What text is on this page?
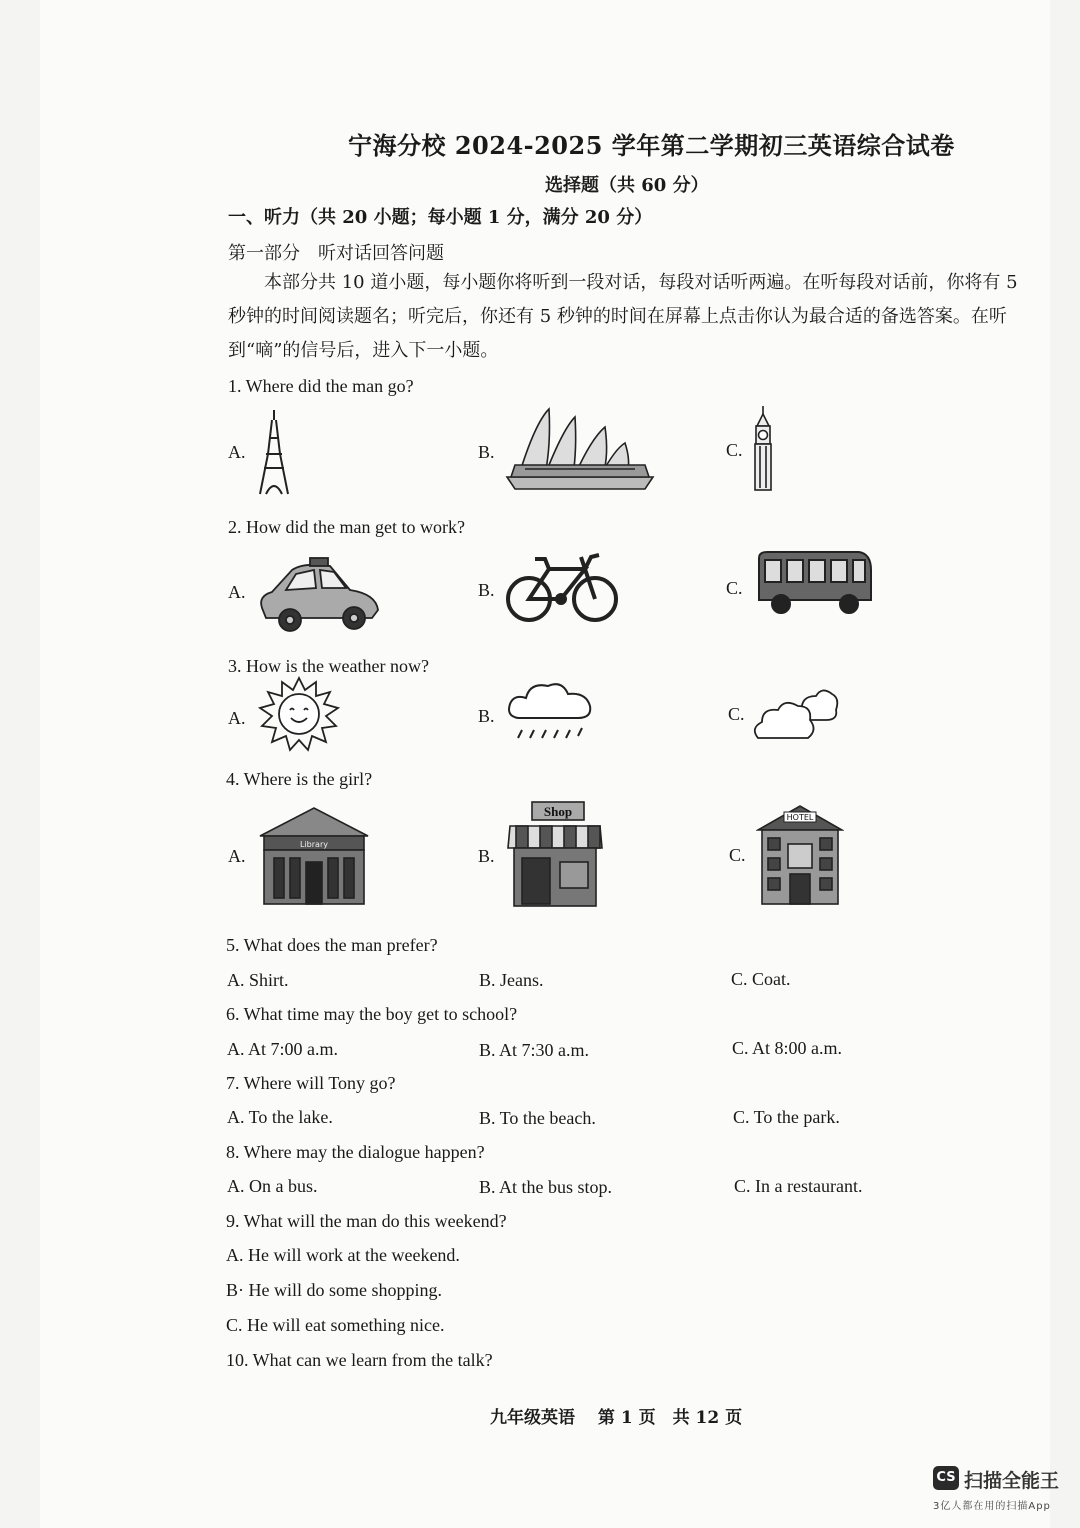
宁海分校 2024-2025 学年第二学期初三英语综合试卷
选择题（共 60 分）
一、听力（共 20 小题；每小题 1 分，满分 20 分）
第一部分　听对话回答问题
本部分共 10 道小题，每小题你将听到一段对话，每段对话听两遍。在听每段对话前，你将有 5 秒钟的时间阅读题名；听完后，你还有 5 秒钟的时间在屏幕上点击你认为最合适的备选答案。在听到“嘀”的信号后，进入下一小题。
1. Where did the man go?
A.	B.	C.
2. How did the man get to work?
A.	B.	C.
3. How is the weather now?
A.	B.	C.
4. Where is the girl?
A.	B.	C.
Library
Shop	HOTEL
5. What does the man prefer?
A. Shirt.	B. Jeans.	C. Coat.
6. What time may the boy get to school?
A. At 7:00 a.m.	B. At 7:30 a.m.	C. At 8:00 a.m.
7. Where will Tony go?
A. To the lake.	B. To the beach.	C. To the park.
8. Where may the dialogue happen?
A. On a bus.	B. At the bus stop.	C. In a restaurant.
9. What will the man do this weekend?
A. He will work at the weekend.
B· He will do some shopping.
C. He will eat something nice.
10. What can we learn from the talk?
九年级英语　 第 1 页　共 12 页
CS 扫描全能王
3亿人都在用的扫描App
